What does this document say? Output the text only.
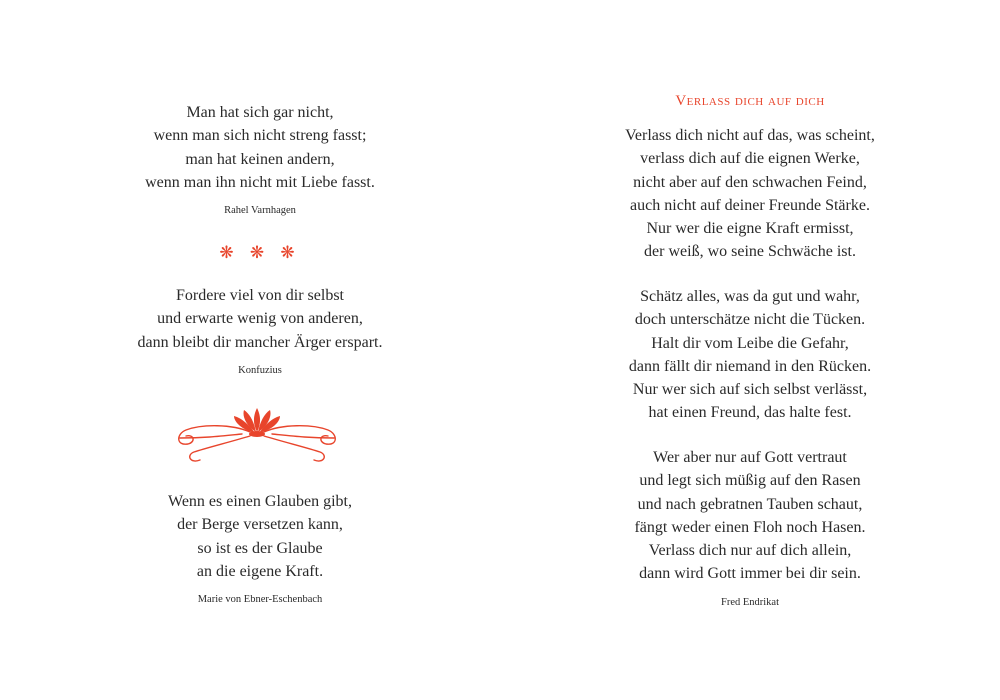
Man hat sich gar nicht,
wenn man sich nicht streng fasst;
man hat keinen andern,
wenn man ihn nicht mit Liebe fasst.
Rahel Varnhagen
❋ ❋ ❋
Fordere viel von dir selbst
und erwarte wenig von anderen,
dann bleibt dir mancher Ärger erspart.
Konfuzius
Wenn es einen Glauben gibt,
der Berge versetzen kann,
so ist es der Glaube
an die eigene Kraft.
Marie von Ebner-Eschenbach
Verlass dich auf dich
Verlass dich nicht auf das, was scheint,
verlass dich auf die eignen Werke,
nicht aber auf den schwachen Feind,
auch nicht auf deiner Freunde Stärke.
Nur wer die eigne Kraft ermisst,
der weiß, wo seine Schwäche ist.
Schätz alles, was da gut und wahr,
doch unterschätze nicht die Tücken.
Halt dir vom Leibe die Gefahr,
dann fällt dir niemand in den Rücken.
Nur wer sich auf sich selbst verlässt,
hat einen Freund, das halte fest.
Wer aber nur auf Gott vertraut
und legt sich müßig auf den Rasen
und nach gebratnen Tauben schaut,
fängt weder einen Floh noch Hasen.
Verlass dich nur auf dich allein,
dann wird Gott immer bei dir sein.
Fred Endrikat
